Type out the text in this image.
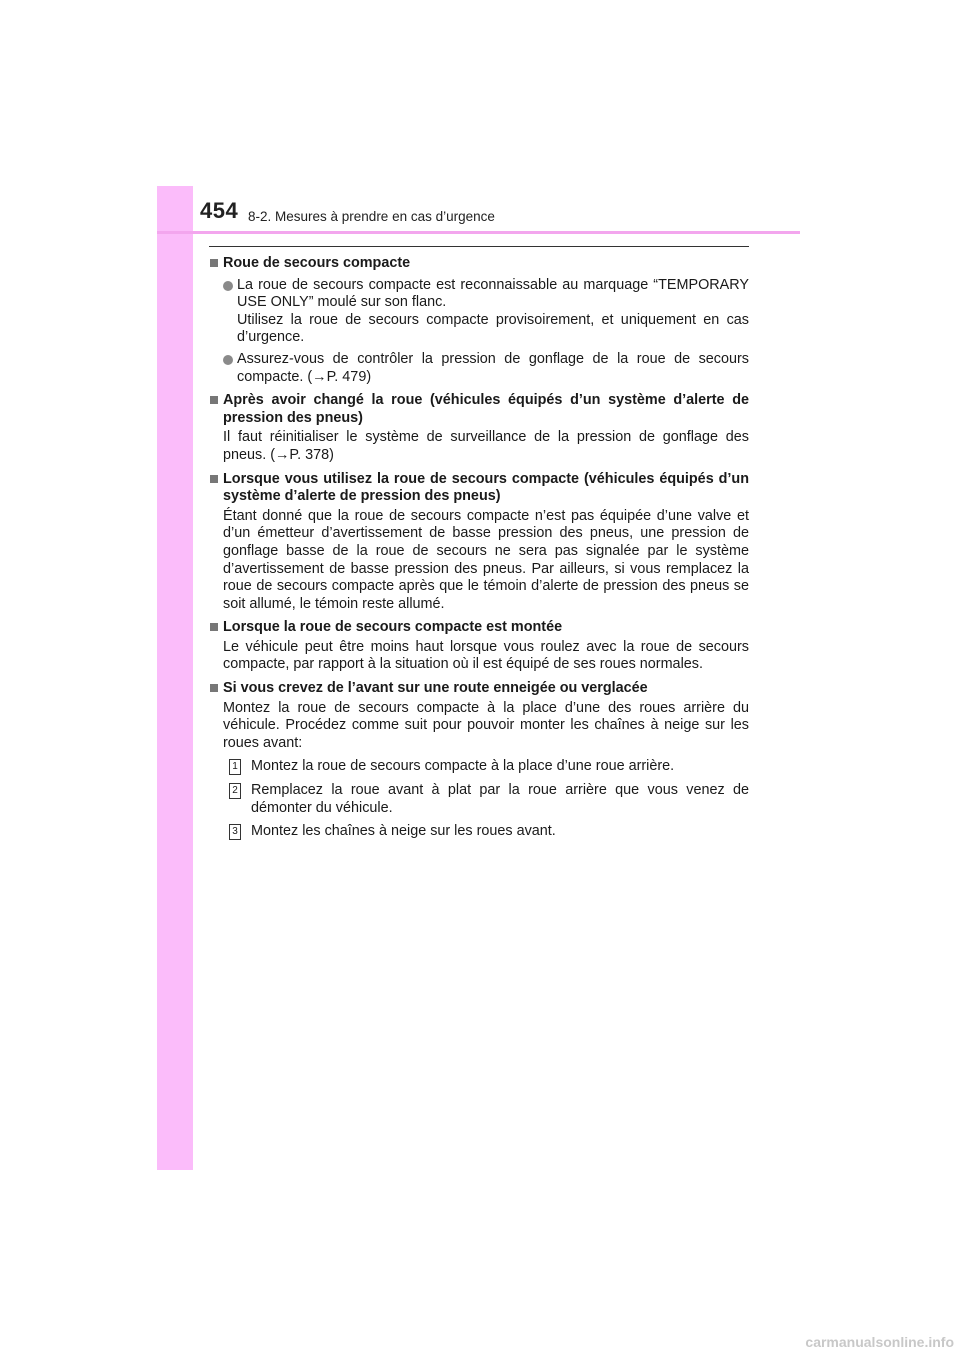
454 8-2. Mesures à prendre en cas d’urgence
Roue de secours compacte
La roue de secours compacte est reconnaissable au marquage “TEMPORARY USE ONLY” moulé sur son flanc.
Utilisez la roue de secours compacte provisoirement, et uniquement en cas d’urgence.
Assurez-vous de contrôler la pression de gonflage de la roue de secours compacte. (→P. 479)
Après avoir changé la roue (véhicules équipés d’un système d’alerte de pression des pneus)
Il faut réinitialiser le système de surveillance de la pression de gonflage des pneus. (→P. 378)
Lorsque vous utilisez la roue de secours compacte (véhicules équipés d’un système d’alerte de pression des pneus)
Étant donné que la roue de secours compacte n’est pas équipée d’une valve et d’un émetteur d’avertissement de basse pression des pneus, une pression de gonflage basse de la roue de secours ne sera pas signalée par le système d’avertissement de basse pression des pneus. Par ailleurs, si vous remplacez la roue de secours compacte après que le témoin d’alerte de pression des pneus se soit allumé, le témoin reste allumé.
Lorsque la roue de secours compacte est montée
Le véhicule peut être moins haut lorsque vous roulez avec la roue de secours compacte, par rapport à la situation où il est équipé de ses roues normales.
Si vous crevez de l’avant sur une route enneigée ou verglacée
Montez la roue de secours compacte à la place d’une des roues arrière du véhicule. Procédez comme suit pour pouvoir monter les chaînes à neige sur les roues avant:
1 Montez la roue de secours compacte à la place d’une roue arrière.
2 Remplacez la roue avant à plat par la roue arrière que vous venez de démonter du véhicule.
3 Montez les chaînes à neige sur les roues avant.
carmanualsonline.info
